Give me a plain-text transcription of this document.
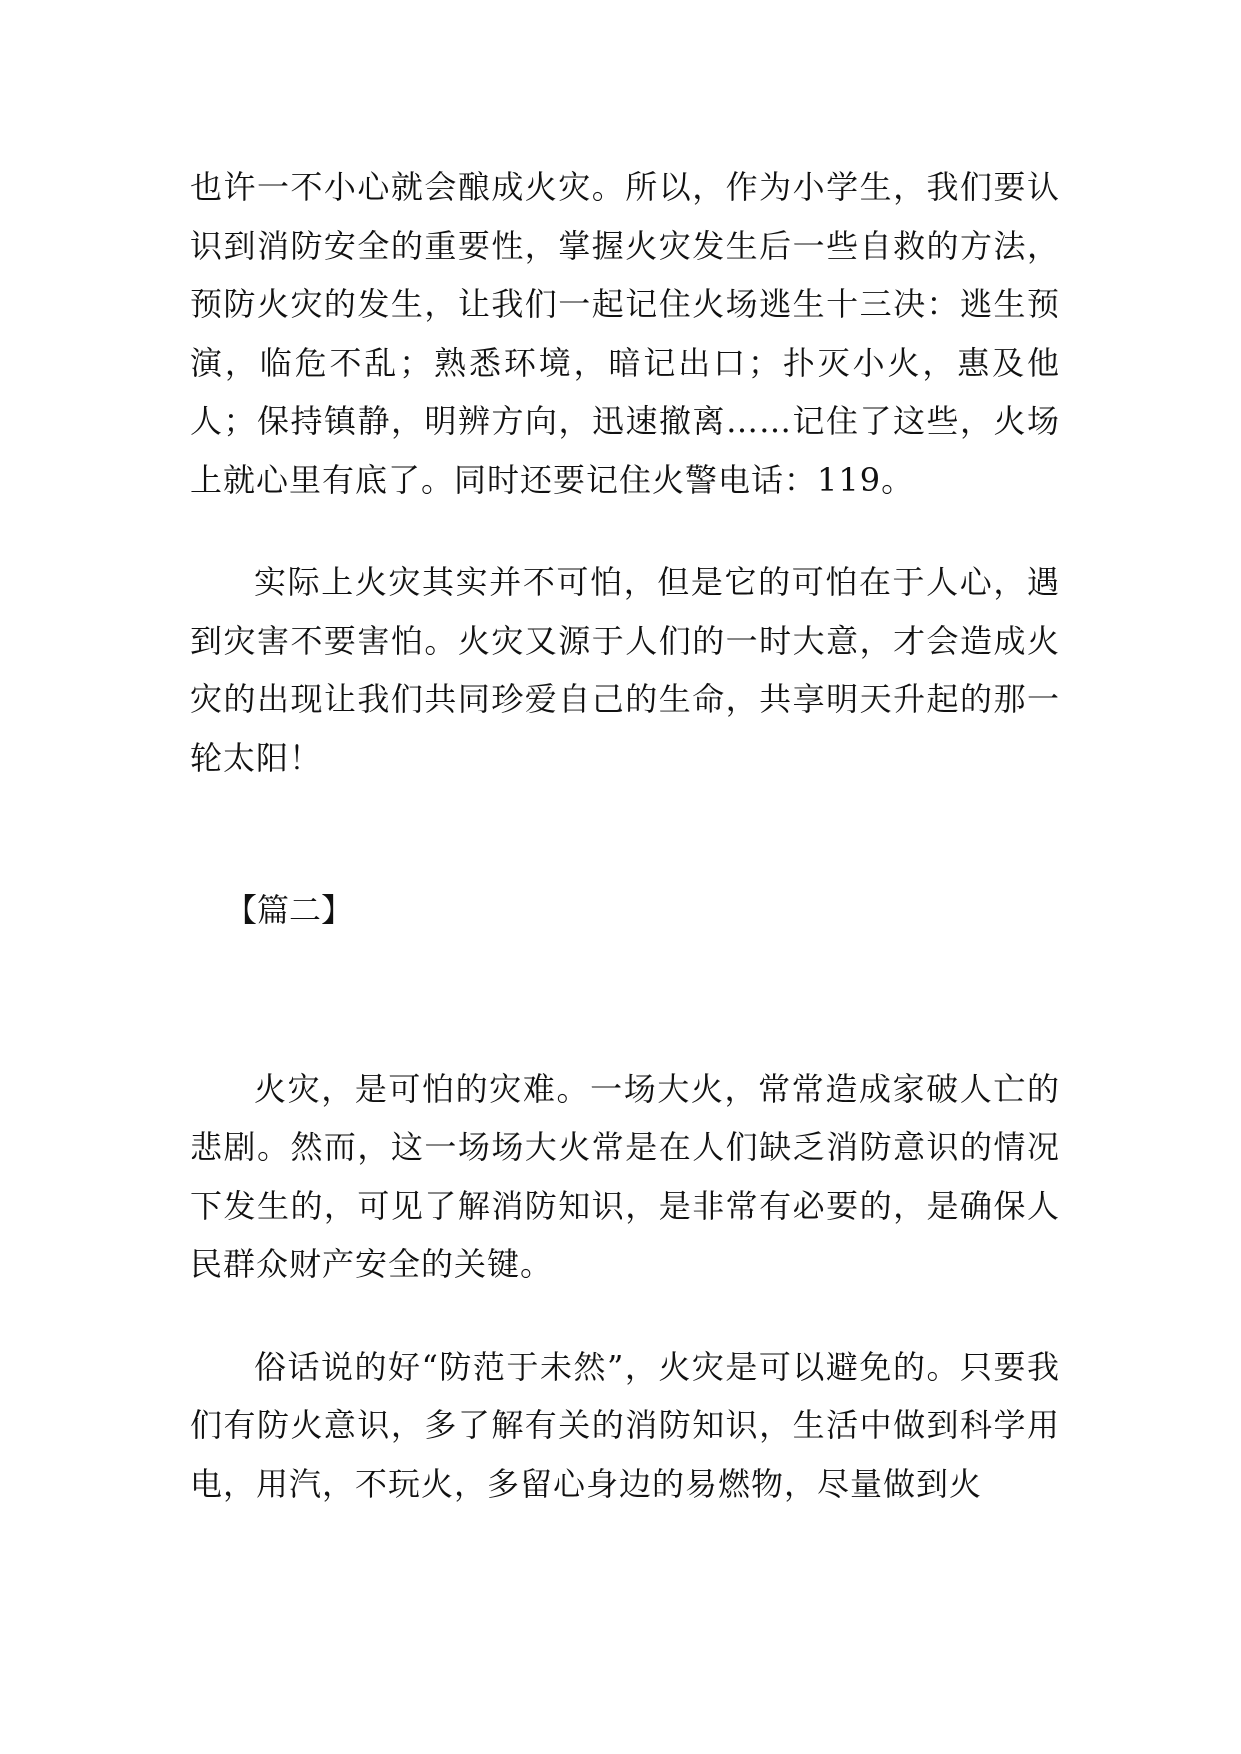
也许一不小心就会酿成火灾。所以，作为小学生，我们要认识到消防安全的重要性，掌握火灾发生后一些自救的方法，预防火灾的发生，让我们一起记住火场逃生十三决：逃生预演，临危不乱；熟悉环境，暗记出口；扑灭小火，惠及他人；保持镇静，明辨方向，迅速撤离……记住了这些，火场上就心里有底了。同时还要记住火警电话：119。

实际上火灾其实并不可怕，但是它的可怕在于人心，遇到灾害不要害怕。火灾又源于人们的一时大意，才会造成火灾的出现让我们共同珍爱自己的生命，共享明天升起的那一轮太阳！

【篇二】

火灾，是可怕的灾难。一场大火，常常造成家破人亡的悲剧。然而，这一场场大火常是在人们缺乏消防意识的情况下发生的，可见了解消防知识，是非常有必要的，是确保人民群众财产安全的关键。

俗话说的好“防范于未然”，火灾是可以避免的。只要我们有防火意识，多了解有关的消防知识，生活中做到科学用电，用汽，不玩火，多留心身边的易燃物，尽量做到火
